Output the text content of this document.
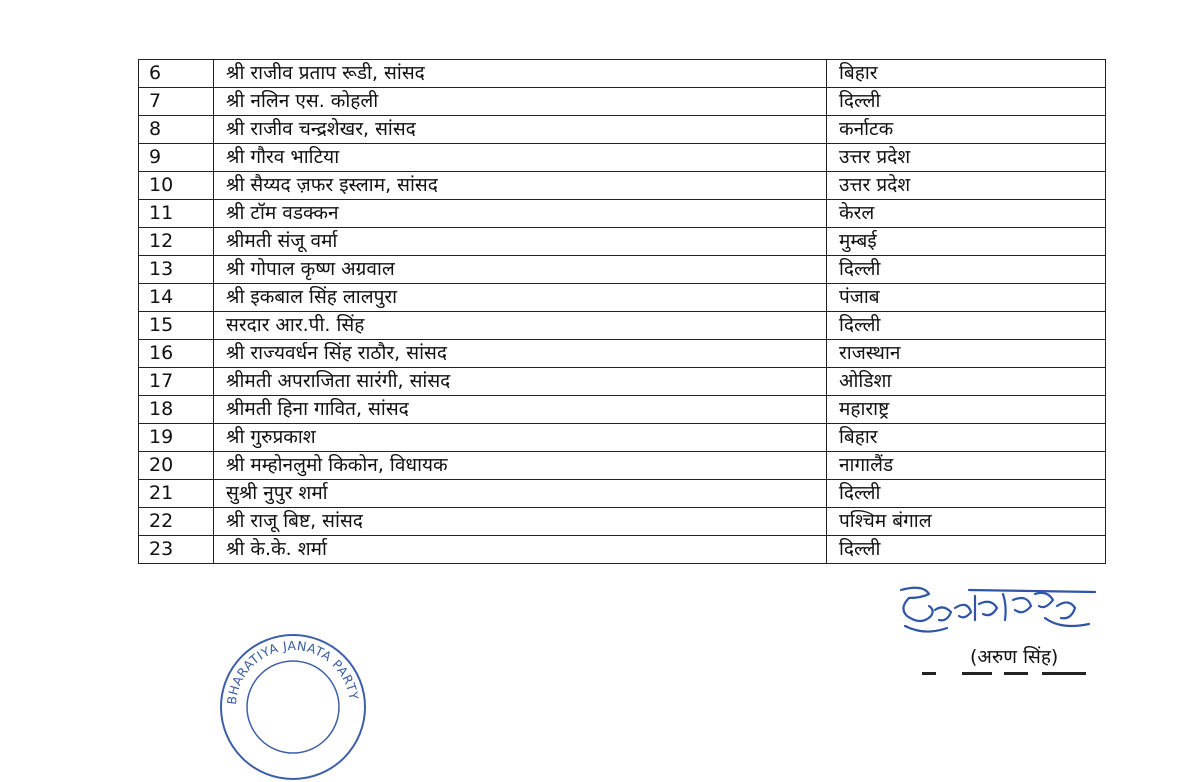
6	श्री राजीव प्रताप रूडी, सांसद	बिहार
7	श्री नलिन एस. कोहली	दिल्ली
8	श्री राजीव चन्द्रशेखर, सांसद	कर्नाटक
9	श्री गौरव भाटिया	उत्तर प्रदेश
10	श्री सैय्यद ज़फर इस्लाम, सांसद	उत्तर प्रदेश
11	श्री टॉम वडक्कन	केरल
12	श्रीमती संजू वर्मा	मुम्बई
13	श्री गोपाल कृष्ण अग्रवाल	दिल्ली
14	श्री इकबाल सिंह लालपुरा	पंजाब
15	सरदार आर.पी. सिंह	दिल्ली
16	श्री राज्यवर्धन सिंह राठौर, सांसद	राजस्थान
17	श्रीमती अपराजिता सारंगी, सांसद	ओडिशा
18	श्रीमती हिना गावित, सांसद	महाराष्ट्र
19	श्री गुरुप्रकाश	बिहार
20	श्री मम्होनलुमो किकोन, विधायक	नागालैंड
21	सुश्री नुपुर शर्मा	दिल्ली
22	श्री राजू बिष्ट, सांसद	पश्चिम बंगाल
23	श्री के.के. शर्मा	दिल्ली
(अरुण सिंह)
BHARATIYA JANATA PARTY
